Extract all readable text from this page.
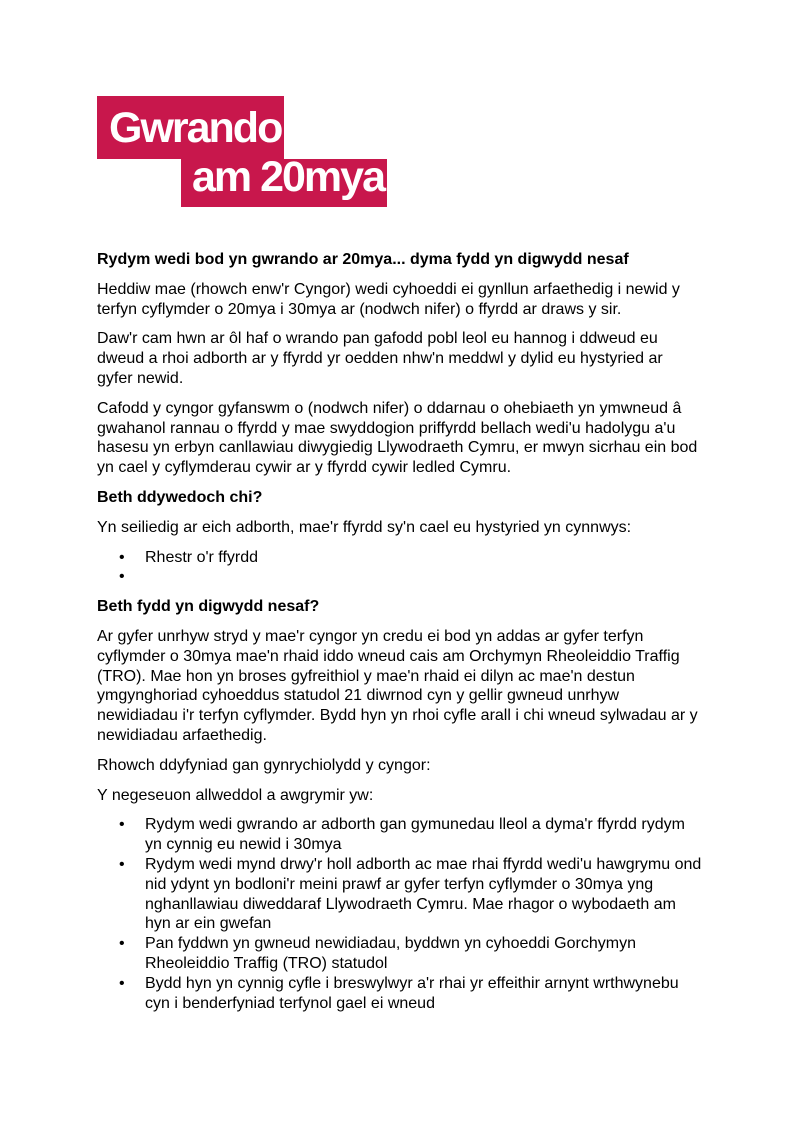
Gwrando
am 20mya
Rydym wedi bod yn gwrando ar 20mya... dyma fydd yn digwydd nesaf

Heddiw mae (rhowch enw'r Cyngor) wedi cyhoeddi ei gynllun arfaethedig i newid y terfyn cyflymder o 20mya i 30mya ar (nodwch nifer) o ffyrdd ar draws y sir.

Daw'r cam hwn ar ôl haf o wrando pan gafodd pobl leol eu hannog i ddweud eu dweud a rhoi adborth ar y ffyrdd yr oedden nhw'n meddwl y dylid eu hystyried ar gyfer newid.

Cafodd y cyngor gyfanswm o (nodwch nifer) o ddarnau o ohebiaeth yn ymwneud â gwahanol rannau o ffyrdd y mae swyddogion priffyrdd bellach wedi'u hadolygu a'u hasesu yn erbyn canllawiau diwygiedig Llywodraeth Cymru, er mwyn sicrhau ein bod yn cael y cyflymderau cywir ar y ffyrdd cywir ledled Cymru.

Beth ddywedoch chi?

Yn seiliedig ar eich adborth, mae'r ffyrdd sy'n cael eu hystyried yn cynnwys:

• Rhestr o'r ffyrdd
•
Beth fydd yn digwydd nesaf?

Ar gyfer unrhyw stryd y mae'r cyngor yn credu ei bod yn addas ar gyfer terfyn cyflymder o 30mya mae'n rhaid iddo wneud cais am Orchymyn Rheoleiddio Traffig (TRO). Mae hon yn broses gyfreithiol y mae'n rhaid ei dilyn ac mae'n destun ymgynghoriad cyhoeddus statudol 21 diwrnod cyn y gellir gwneud unrhyw newidiadau i'r terfyn cyflymder. Bydd hyn yn rhoi cyfle arall i chi wneud sylwadau ar y newidiadau arfaethedig.

Rhowch ddyfyniad gan gynrychiolydd y cyngor:

Y negeseuon allweddol a awgrymir yw:

• Rydym wedi gwrando ar adborth gan gymunedau lleol a dyma'r ffyrdd rydym yn cynnig eu newid i 30mya
• Rydym wedi mynd drwy'r holl adborth ac mae rhai ffyrdd wedi'u hawgrymu ond nid ydynt yn bodloni'r meini prawf ar gyfer terfyn cyflymder o 30mya yng nghanllawiau diweddaraf Llywodraeth Cymru. Mae rhagor o wybodaeth am hyn ar ein gwefan
• Pan fyddwn yn gwneud newidiadau, byddwn yn cyhoeddi Gorchymyn Rheoleiddio Traffig (TRO) statudol
• Bydd hyn yn cynnig cyfle i breswylwyr a'r rhai yr effeithir arnynt wrthwynebu cyn i benderfyniad terfynol gael ei wneud
